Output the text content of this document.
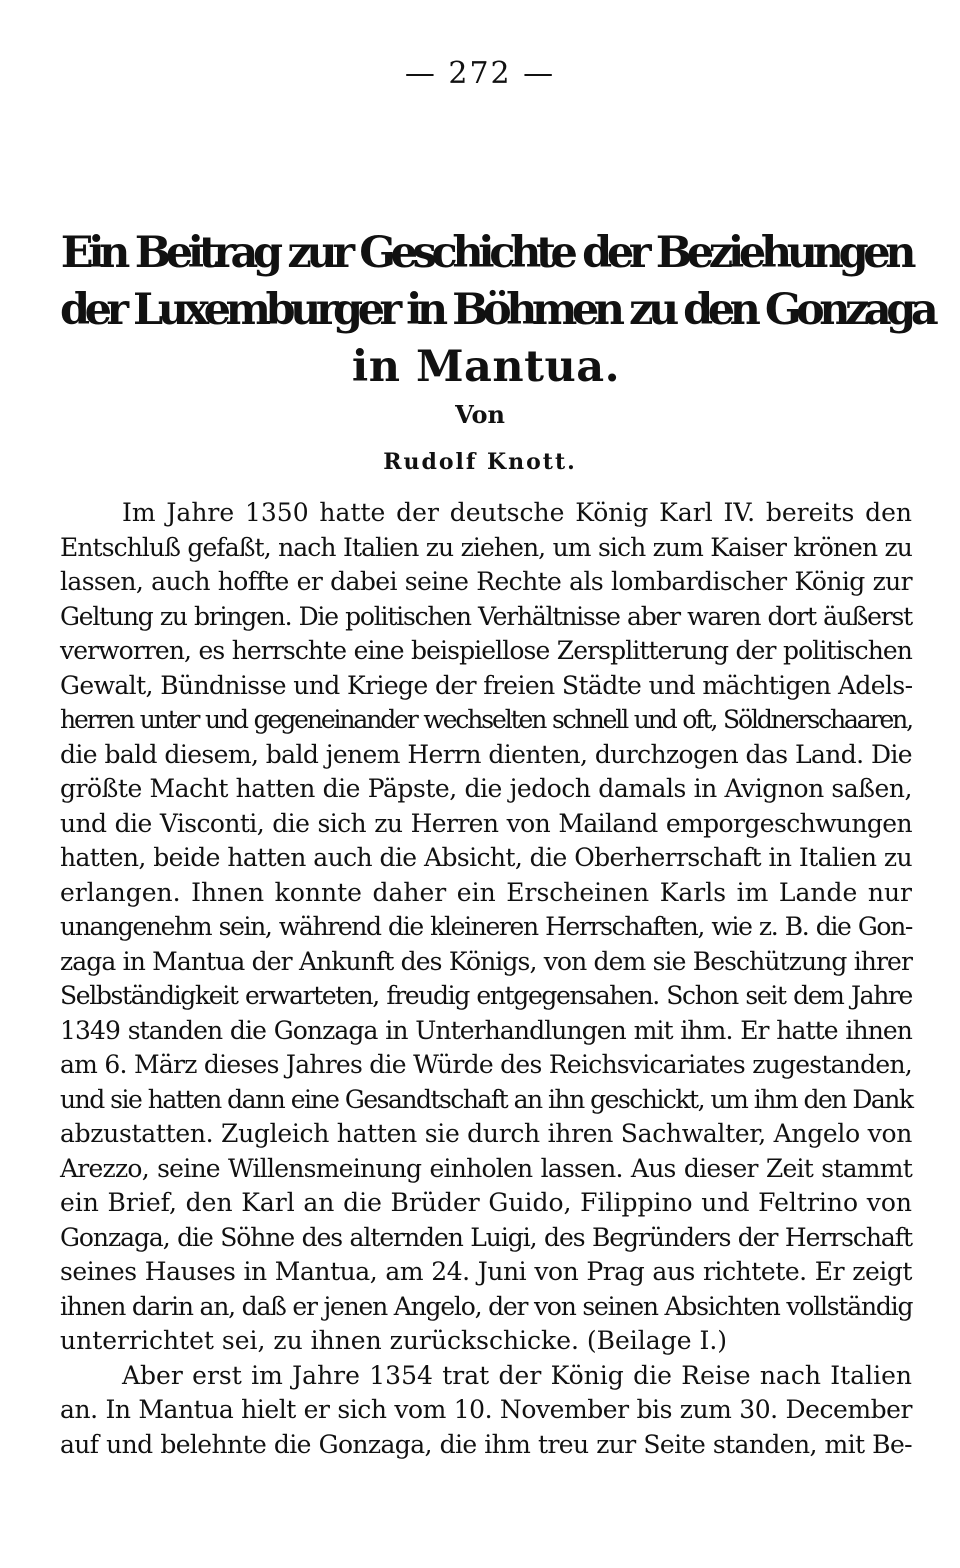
— 272 —
Ein Beitrag zur Geschichte der Beziehungen
der Luxemburger in Böhmen zu den Gonzaga
in Mantua.
Von
Rudolf Knott.
Im Jahre 1350 hatte der deutsche König Karl IV. bereits den
Entschluß gefaßt, nach Italien zu ziehen, um sich zum Kaiser krönen zu
lassen, auch hoffte er dabei seine Rechte als lombardischer König zur
Geltung zu bringen. Die politischen Verhältnisse aber waren dort äußerst
verworren, es herrschte eine beispiellose Zersplitterung der politischen
Gewalt, Bündnisse und Kriege der freien Städte und mächtigen Adels-
herren unter und gegeneinander wechselten schnell und oft, Söldnerschaaren,
die bald diesem, bald jenem Herrn dienten, durchzogen das Land. Die
größte Macht hatten die Päpste, die jedoch damals in Avignon saßen,
und die Visconti, die sich zu Herren von Mailand emporgeschwungen
hatten, beide hatten auch die Absicht, die Oberherrschaft in Italien zu
erlangen. Ihnen konnte daher ein Erscheinen Karls im Lande nur
unangenehm sein, während die kleineren Herrschaften, wie z. B. die Gon-
zaga in Mantua der Ankunft des Königs, von dem sie Beschützung ihrer
Selbständigkeit erwarteten, freudig entgegensahen. Schon seit dem Jahre
1349 standen die Gonzaga in Unterhandlungen mit ihm. Er hatte ihnen
am 6. März dieses Jahres die Würde des Reichsvicariates zugestanden,
und sie hatten dann eine Gesandtschaft an ihn geschickt, um ihm den Dank
abzustatten. Zugleich hatten sie durch ihren Sachwalter, Angelo von
Arezzo, seine Willensmeinung einholen lassen. Aus dieser Zeit stammt
ein Brief, den Karl an die Brüder Guido, Filippino und Feltrino von
Gonzaga, die Söhne des alternden Luigi, des Begründers der Herrschaft
seines Hauses in Mantua, am 24. Juni von Prag aus richtete. Er zeigt
ihnen darin an, daß er jenen Angelo, der von seinen Absichten vollständig
unterrichtet sei, zu ihnen zurückschicke. (Beilage I.)
Aber erst im Jahre 1354 trat der König die Reise nach Italien
an. In Mantua hielt er sich vom 10. November bis zum 30. December
auf und belehnte die Gonzaga, die ihm treu zur Seite standen, mit Be-
